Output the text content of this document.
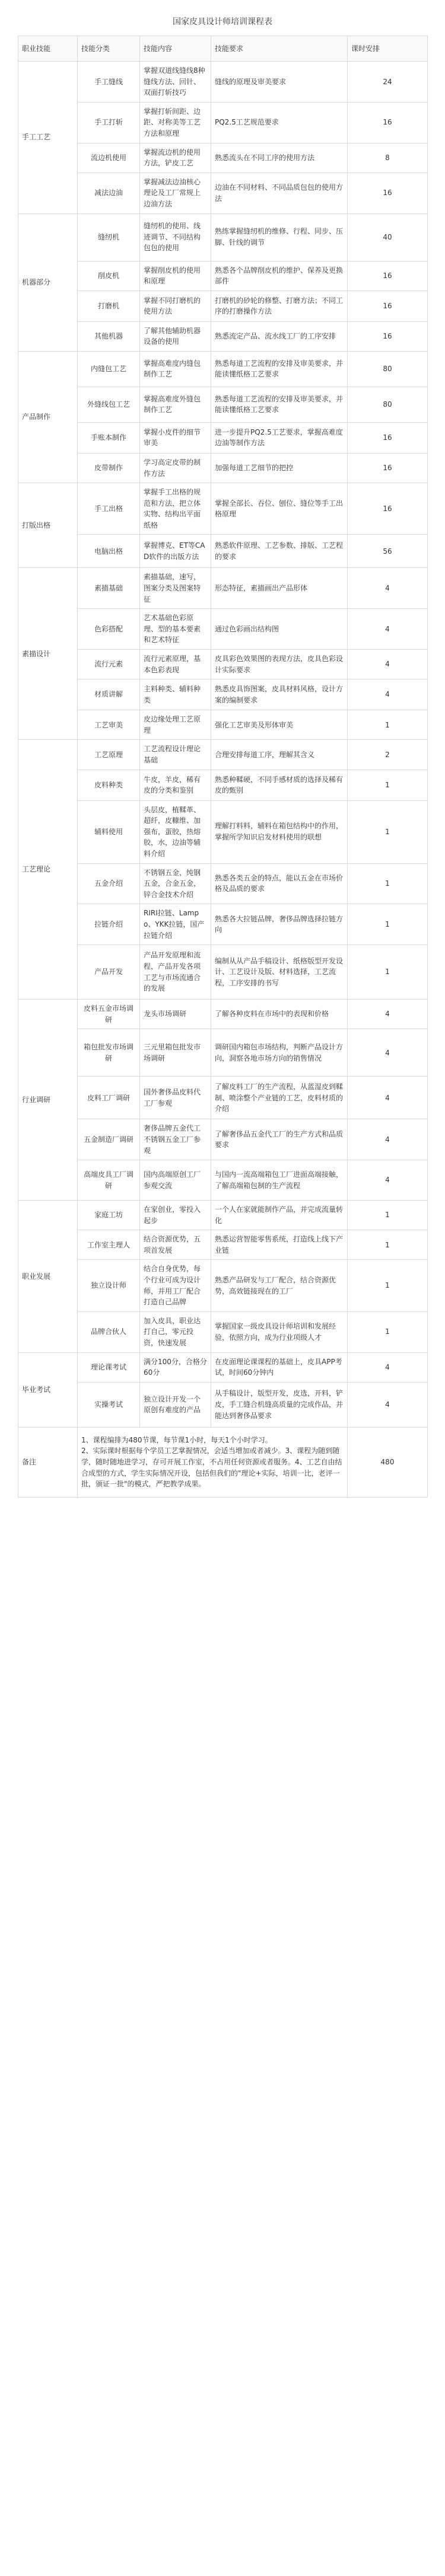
国家皮具设计师培训课程表
职业技能	技能分类	技能内容	技能要求	课时安排
手工工艺	手工缝线	掌握双道线缝线8种缝线方法、回针、双面打斩技巧	缝线的原理及审美要求	24
	手工打斩	掌握打斩间距、边距、对称美等工艺方法和原理	PQ2.5工艺规范要求	16
	流边机使用	掌握流边机的使用方法，铲皮工艺	熟悉流头在不同工序的使用方法	8
	减法边油	掌握减法边油核心理论及工厂常规上边油方法	边油在不同材料、不同品质包包的使用方法	16
机器部分	缝纫机	缝纫机的使用、线迹调节、不同结构包包的使用	熟练掌握缝纫机的维修、行程、同步、压脚、针线的调节	40
	削皮机	掌握削皮机的使用和原理	熟悉各个品牌削皮机的维护、保养及更换部件	16
	打磨机	掌握不同打磨机的使用方法	打磨机的砂轮的修整、打磨方法；不同工序的打磨操作方法	16
	其他机器	了解其他辅助机器设备的使用	熟悉流定产品、流水线工厂的工序安排	16
产品制作	内缝包工艺	掌握高难度内缝包制作工艺	熟悉每道工艺流程的安排及审美要求，并能读懂纸格工艺要求	80
	外缝线包工艺	掌握高难度外缝包制作工艺	熟悉每道工艺流程的安排及审美要求，并能读懂纸格工艺要求	80
	手账本制作	掌握小皮件的细节审美	进一步提升PQ2.5工艺要求，掌握高难度边油等制作方法	16
	皮带制作	学习高定皮带的制作方法	加强每道工艺细节的把控	16
打版出格	手工出格	掌握手工出格的规范和方法，把立体实物、结构出平面纸格	掌握全部长、吞位、刨位、缝位等手工出格原理	16
	电脑出格	掌握博克、ET等CAD软件的出版方法	熟悉软件原理、工艺参数、排版、工艺程的要求	56
素描设计	素描基础	素描基础，速写，图案分类及图案特征	形态特征，素描画出产品形体	4
	色彩搭配	艺术基础色彩原理、型的基本要素和艺术特征	通过色彩画出结构图	4
	流行元素	流行元素原理，基本色彩表现	皮具彩色效果图的表现方法，皮具色彩设计实际要求	4
	材质讲解	主料种类、辅料种类	熟悉皮具饰图案，皮具材料风格，设计方案的编制要求	4
	工艺审美	皮边缘处理工艺原理	强化工艺审美及形体审美	1
工艺理论	工艺原理	工艺流程设计理论基础	合理安排每道工序，理解其含义	2
	皮料种类	牛皮，羊皮，稀有皮的分类和鉴别	熟悉种鞣硬，不同手感材质的选择及稀有皮的甄别	1
	辅料使用	头层皮，植鞣革、超纤，皮糠维、加强布，蛋胶，热熔胶，水，边油等辅料介绍	理解打料料，辅料在箱包结构中的作用，掌握所学知识启发材料使用的联想	1
	五金介绍	不锈钢五金，纯钢五金，合金五金，锌合金技术介绍	熟悉各类五金的特点，能以五金在市场价格及品质的要求	1
	拉链介绍	RIRI拉链、Lampo、YKK拉链，国产拉链介绍	熟悉各大拉链品牌，奢侈品牌选择拉链方向	1
	产品开发	产品开发原理和流程，产品开发各项工艺与市场流通合的发展	编制从从产品手稿设计、纸格版型开发设计、工艺设计及版、材料选择，工艺流程，工序安排的书写	1
行业调研	皮料五金市场调研	龙头市场调研	了解各种皮料在市场中的表现和价格	4
	箱包批发市场调研	三元里箱包批发市场调研	调研国内箱包市场结构，判断产品设计方向，洞察各地市场方向的销售情况	4
	皮料工厂调研	国外奢侈品皮料代工厂参观	了解皮料工厂的生产流程，从蓝湿皮到鞣制、喷涂整个产业链的工艺，皮料材质的介绍	4
	五金制造厂调研	奢侈品牌五金代工不锈钢五金工厂参观	了解奢侈品五金代工厂的生产方式和品质要求	4
	高端皮具工厂调研	国内高端原创工厂参观交流	与国内一流高端箱包工厂进面高端接触，了解高端箱包制的生产流程	4
职业发展	家庭工坊	在家创业，零投入起步	一个人在家就能制作产品，并完成流量转化	1
	工作室主理人	结合资源优势，五项首发展	熟悉运营智能零售系统，打造线上线下产业链	1
	独立设计师	结合自身优势，每个行业可成为设计师，并用工厂配合打造自己品牌	熟悉产品研发与工厂配合，结合资源优势，高效链接现在的工厂	1
	品牌合伙人	加入皮具，职业达打自己，零元投资，快速发展	掌握国家一级皮具设计师培训和发展经验，依照方向，成为行业项级人才	1
毕业考试	理论课考试	满分100分，合格分60分	在皮面理论课课程的基础上，皮具APP考试，时间60分钟内	4
	实操考试	独立设计开发一个原创有难度的产品	从手稿设计，版型开发，皮选，开料，铲皮，手工缝合机缝高质量的完成作品，并能达到奢侈品要求	4
备注	1、课程编排为480节课，每节课1小时，每天1个小时学习。
2、实际课时根据每个学员工艺掌握情况，会适当增加或者减少。3、课程为随到随学，随时随地进学习，存可开展工作室，不占用任何资源或者服务。4、工艺自由结合成型的方式，学生实际情况开设，包括但我们的"理论+实际，培训一比，老评一批，颁证一批"的模式，严把教学成果。			480
